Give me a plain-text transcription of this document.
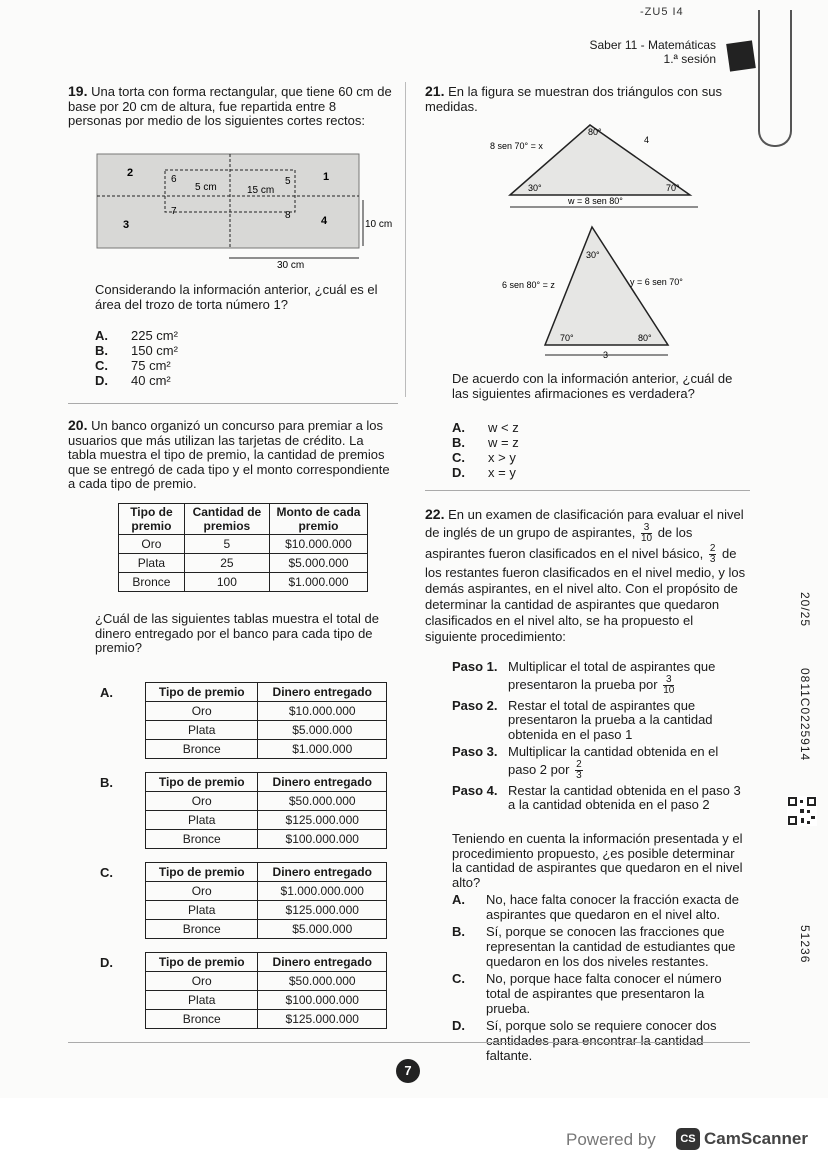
-ZU5 I4
Saber 11 - Matemáticas
1.ª sesión
19. Una torta con forma rectangular, que tiene 60 cm de base por 20 cm de altura, fue repartida entre 8 personas por medio de los siguientes cortes rectos:
2	1
3	4
5
6
7	8
5 cm	15 cm
10 cm
30 cm
Considerando la información anterior, ¿cuál es el área del trozo de torta número 1?
A. 225 cm²
B. 150 cm²
C. 75 cm²
D. 40 cm²
20. Un banco organizó un concurso para premiar a los usuarios que más utilizan las tarjetas de crédito. La tabla muestra el tipo de premio, la cantidad de premios que se entregó de cada tipo y el monto correspondiente a cada tipo de premio.
Tipo de premio	Cantidad de premios	Monto de cada premio
Oro	5	$10.000.000
Plata	25	$5.000.000
Bronce	100	$1.000.000
¿Cuál de las siguientes tablas muestra el total de dinero entregado por el banco para cada tipo de premio?
A.	Tipo de premio	Dinero entregado
Oro	$10.000.000
Plata	$5.000.000
Bronce	$1.000.000
B.	Tipo de premio	Dinero entregado
Oro	$50.000.000
Plata	$125.000.000
Bronce	$100.000.000
C.	Tipo de premio	Dinero entregado
Oro	$1.000.000.000
Plata	$125.000.000
Bronce	$5.000.000
D.	Tipo de premio	Dinero entregado
Oro	$50.000.000
Plata	$100.000.000
Bronce	$125.000.000
21. En la figura se muestran dos triángulos con sus medidas.
8 sen 70° = x
80°
4
30°	70°
w = 8 sen 80°
30°
6 sen 80° = z	y = 6 sen 70°
70°	80°
3
De acuerdo con la información anterior, ¿cuál de las siguientes afirmaciones es verdadera?
A. w < z
B. w = z
C. x > y
D. x = y
22. En un examen de clasificación para evaluar el nivel de inglés de un grupo de aspirantes, $\frac{3}{10}$ de los aspirantes fueron clasificados en el nivel básico, $\frac{2}{3}$ de los restantes fueron clasificados en el nivel medio, y los demás aspirantes, en el nivel alto. Con el propósito de determinar la cantidad de aspirantes que quedaron clasificados en el nivel alto, se ha propuesto el siguiente procedimiento:
Paso 1. Multiplicar el total de aspirantes que presentaron la prueba por $\frac{3}{10}$
Paso 2. Restar el total de aspirantes que presentaron la prueba a la cantidad obtenida en el paso 1
Paso 3. Multiplicar la cantidad obtenida en el paso 2 por $\frac{2}{3}$
Paso 4. Restar la cantidad obtenida en el paso 3 a la cantidad obtenida en el paso 2
Teniendo en cuenta la información presentada y el procedimiento propuesto, ¿es posible determinar la cantidad de aspirantes que quedaron en el nivel alto?
A.	No, hace falta conocer la fracción exacta de aspirantes que quedaron en el nivel alto.
B.	Sí, porque se conocen las fracciones que representan la cantidad de estudiantes que quedaron en los dos niveles restantes.
C.	No, porque hace falta conocer el número total de aspirantes que presentaron la prueba.
D.	Sí, porque solo se requiere conocer dos cantidades para encontrar la cantidad faltante.
20/25
0811C0225914
51236
7
Powered by	CS CamScanner
